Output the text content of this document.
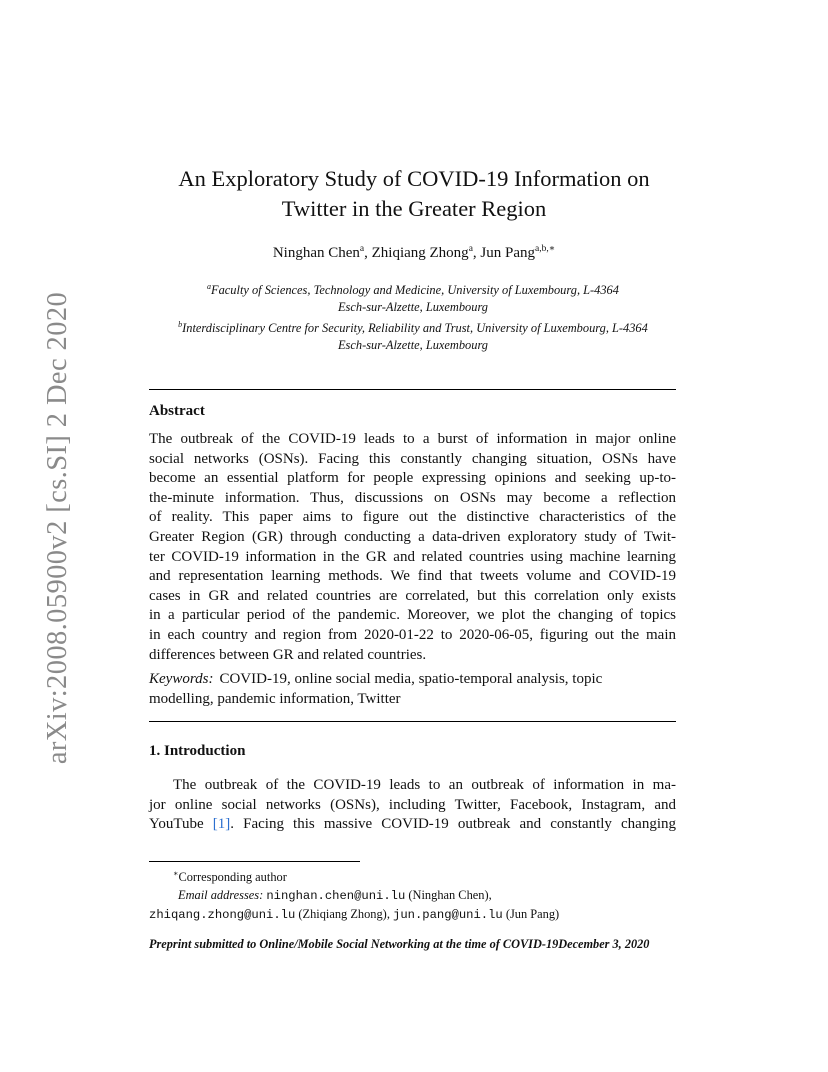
arXiv:2008.05900v2 [cs.SI] 2 Dec 2020
An Exploratory Study of COVID-19 Information on
Twitter in the Greater Region
Ninghan Chen$^a$, Zhiqiang Zhong$^a$, Jun Pang$^{a,b,∗}$
$^a$Faculty of Sciences, Technology and Medicine, University of Luxembourg, L-4364
Esch-sur-Alzette, Luxembourg
$^b$Interdisciplinary Centre for Security, Reliability and Trust, University of Luxembourg, L-4364
Esch-sur-Alzette, Luxembourg
Abstract
The outbreak of the COVID-19 leads to a burst of information in major online
social networks (OSNs). Facing this constantly changing situation, OSNs have
become an essential platform for people expressing opinions and seeking up-to-
the-minute information. Thus, discussions on OSNs may become a reflection
of reality. This paper aims to figure out the distinctive characteristics of the
Greater Region (GR) through conducting a data-driven exploratory study of Twit-
ter COVID-19 information in the GR and related countries using machine learning
and representation learning methods. We find that tweets volume and COVID-19
cases in GR and related countries are correlated, but this correlation only exists
in a particular period of the pandemic. Moreover, we plot the changing of topics
in each country and region from 2020-01-22 to 2020-06-05, figuring out the main
differences between GR and related countries.
Keywords: COVID-19, online social media, spatio-temporal analysis, topic
modelling, pandemic information, Twitter
1. Introduction
The outbreak of the COVID-19 leads to an outbreak of information in ma-
jor online social networks (OSNs), including Twitter, Facebook, Instagram, and
YouTube [1]. Facing this massive COVID-19 outbreak and constantly changing
∗Corresponding author
Email addresses: ninghan.chen@uni.lu (Ninghan Chen),
zhiqang.zhong@uni.lu (Zhiqiang Zhong), jun.pang@uni.lu (Jun Pang)
Preprint submitted to Online/Mobile Social Networking at the time of COVID-19December 3, 2020
